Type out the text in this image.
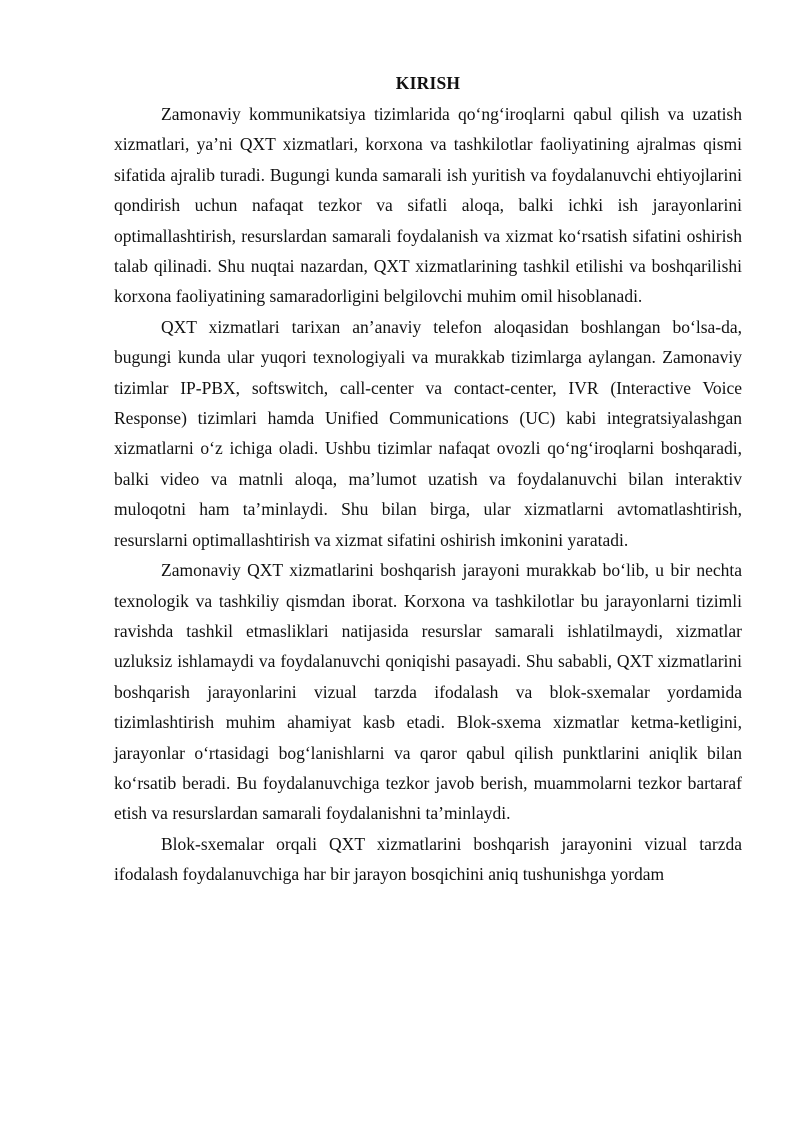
KIRISH

Zamonaviy kommunikatsiya tizimlarida qo‘ng‘iroqlarni qabul qilish va uzatish xizmatlari, ya’ni QXT xizmatlari, korxona va tashkilotlar faoliyatining ajralmas qismi sifatida ajralib turadi. Bugungi kunda samarali ish yuritish va foydalanuvchi ehtiyojlarini qondirish uchun nafaqat tezkor va sifatli aloqa, balki ichki ish jarayonlarini optimallashtirish, resurslardan samarali foydalanish va xizmat ko‘rsatish sifatini oshirish talab qilinadi. Shu nuqtai nazardan, QXT xizmatlarining tashkil etilishi va boshqarilishi korxona faoliyatining samaradorligini belgilovchi muhim omil hisoblanadi.

QXT xizmatlari tarixan an’anaviy telefon aloqasidan boshlangan bo‘lsa-da, bugungi kunda ular yuqori texnologiyali va murakkab tizimlarga aylangan. Zamonaviy tizimlar IP-PBX, softswitch, call-center va contact-center, IVR (Interactive Voice Response) tizimlari hamda Unified Communications (UC) kabi integratsiyalashgan xizmatlarni o‘z ichiga oladi. Ushbu tizimlar nafaqat ovozli qo‘ng‘iroqlarni boshqaradi, balki video va matnli aloqa, ma’lumot uzatish va foydalanuvchi bilan interaktiv muloqotni ham ta’minlaydi. Shu bilan birga, ular xizmatlarni avtomatlashtirish, resurslarni optimallashtirish va xizmat sifatini oshirish imkonini yaratadi.

Zamonaviy QXT xizmatlarini boshqarish jarayoni murakkab bo‘lib, u bir nechta texnologik va tashkiliy qismdan iborat. Korxona va tashkilotlar bu jarayonlarni tizimli ravishda tashkil etmasliklari natijasida resurslar samarali ishlatilmaydi, xizmatlar uzluksiz ishlamaydi va foydalanuvchi qoniqishi pasayadi. Shu sababli, QXT xizmatlarini boshqarish jarayonlarini vizual tarzda ifodalash va blok-sxemalar yordamida tizimlashtirish muhim ahamiyat kasb etadi. Blok-sxema xizmatlar ketma-ketligini, jarayonlar o‘rtasidagi bog‘lanishlarni va qaror qabul qilish punktlarini aniqlik bilan ko‘rsatib beradi. Bu foydalanuvchiga tezkor javob berish, muammolarni tezkor bartaraf etish va resurslardan samarali foydalanishni ta’minlaydi.

Blok-sxemalar orqali QXT xizmatlarini boshqarish jarayonini vizual tarzda ifodalash foydalanuvchiga har bir jarayon bosqichini aniq tushunishga yordam
